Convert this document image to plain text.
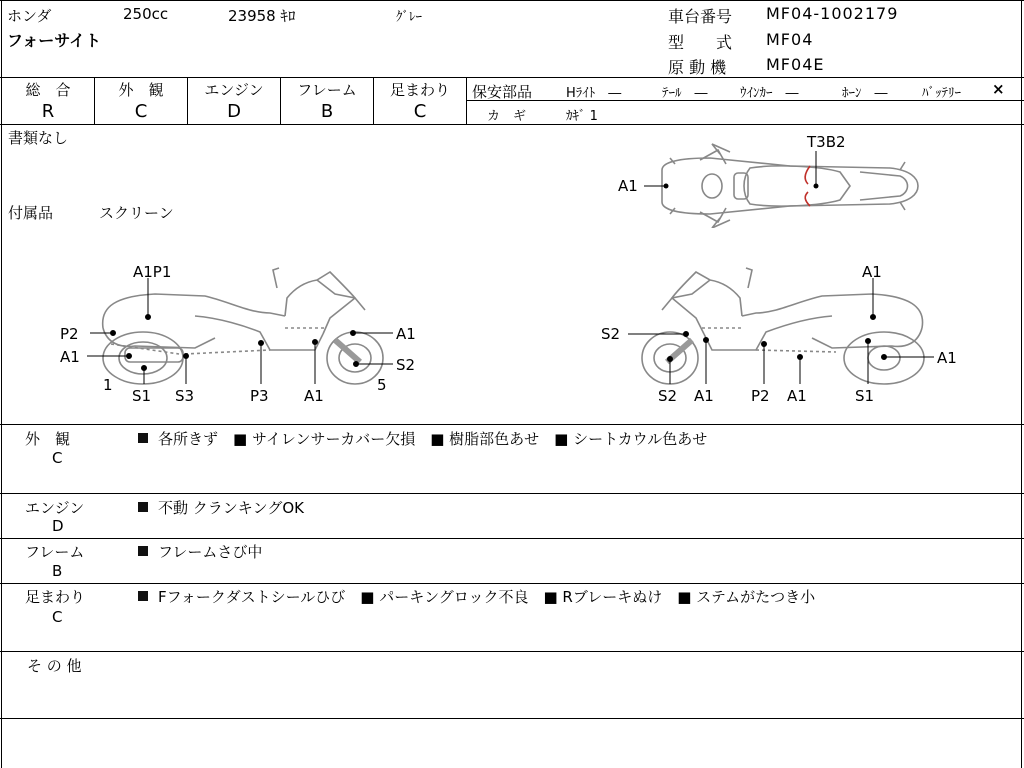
ホンダ	250cc	23958 ｷﾛ	ｸﾞﾚｰ
フォーサイト
車台番号 MF04-1002179
型　　式 MF04
原 動 機 MF04E
総　合
R
外　観
C
エンジン
D
フレーム
B
足まわり
C
保安部品	Hﾗｲﾄ　―	ﾃｰﾙ　― ｳｲﾝｶｰ　―	ﾎｰﾝ　―	ﾊﾞｯﾃﾘｰ ×
カ　ギ	ｶｷﾞ 1
書類なし
付属品	スクリーン
T3B2
A1
A1P1
P2
A1
1
S1 S3	P3 A1
5
A1
S2
A1
S2
S2 A1 P2 A1	S1
A1
外　観
C
各所きず　■ サイレンサーカバー欠損　■ 樹脂部色あせ　■ シートカウル色あせ
エンジン
D
不動 クランキングOK
フレーム
B
フレームさび中
足まわり
C
Fフォークダストシールひび　■ パーキングロック不良　■ Rブレーキぬけ　■ ステムがたつき小
そ の 他
